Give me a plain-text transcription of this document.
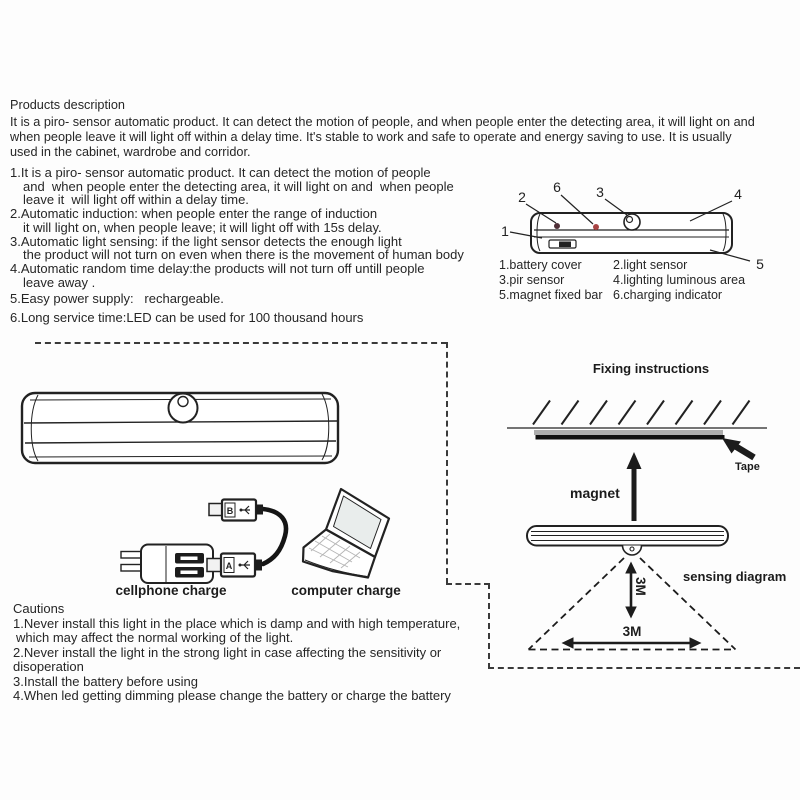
Products description
It is a piro- sensor automatic product. It can detect the motion of people, and when people enter the detecting area, it will light on and
when people leave it will light off within a delay time. It's stable to work and safe to operate and energy saving to use. It is usually
used in the cabinet, wardrobe and corridor.
1.It is a piro- sensor automatic product. It can detect the motion of people
and  when people enter the detecting area, it will light on and  when people
leave it  will light off within a delay time.
2.Automatic induction: when people enter the range of induction
it will light on, when people leave; it will light off with 15s delay.
3.Automatic light sensing: if the light sensor detects the enough light
the product will not turn on even when there is the movement of human body
4.Automatic random time delay:the products will not turn off untill people
leave away .
5.Easy power supply:   rechargeable.
6.Long service time:LED can be used for 100 thousand hours
1
2	3	4
5
6
1.battery cover	2.light sensor
3.pir sensor	4.lighting luminous area
5.magnet fixed bar 6.charging indicator
B
A
cellphone charge	computer charge
Fixing instructions
magnet
Tape
sensing diagram
3M
3M
Cautions
1.Never install this light in the place which is damp and with high temperature,
which may affect the normal working of the light.
2.Never install the light in the strong light in case affecting the sensitivity or
disoperation
3.Install the battery before using
4.When led getting dimming please change the battery or charge the battery
